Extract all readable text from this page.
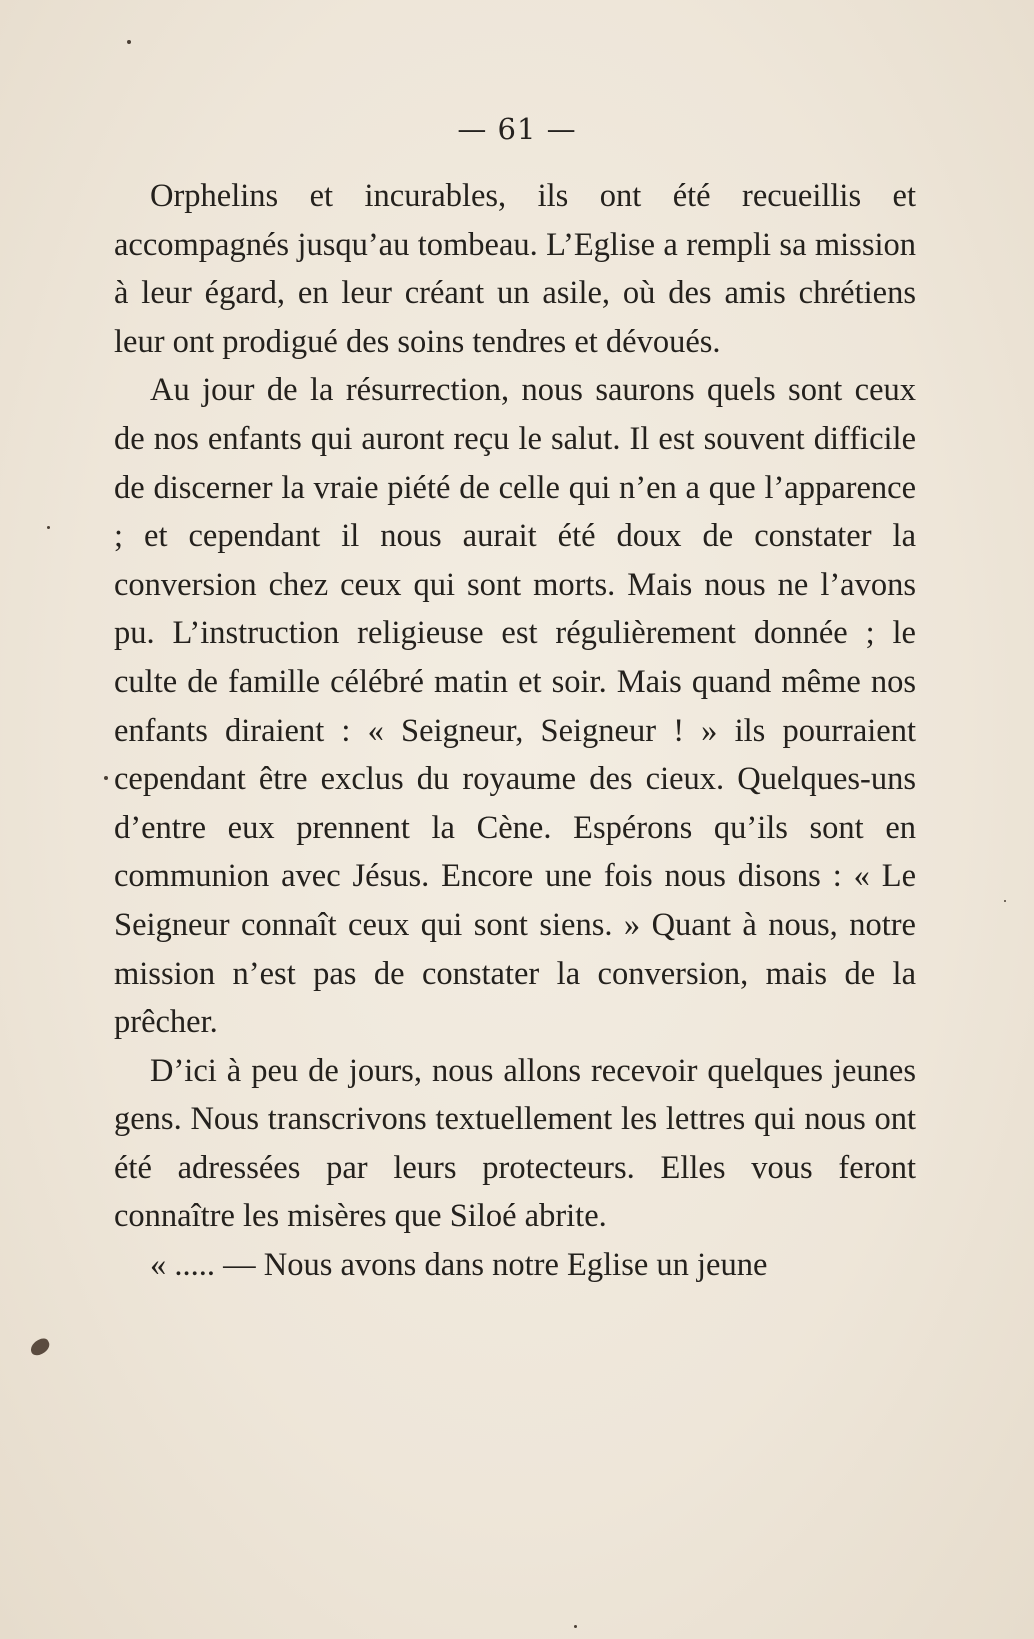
— 61 —

Orphelins et incurables, ils ont été recueillis et accompagnés jusqu’au tombeau. L’Eglise a rempli sa mission à leur égard, en leur créant un asile, où des amis chrétiens leur ont prodigué des soins tendres et dévoués.

Au jour de la résurrection, nous saurons quels sont ceux de nos enfants qui auront reçu le salut. Il est souvent difficile de discerner la vraie piété de celle qui n’en a que l’apparence ; et cependant il nous aurait été doux de constater la conversion chez ceux qui sont morts. Mais nous ne l’avons pu. L’instruction religieuse est régulièrement donnée ; le culte de famille célébré matin et soir. Mais quand même nos enfants diraient : « Seigneur, Seigneur ! » ils pourraient cependant être exclus du royaume des cieux. Quelques-uns d’entre eux prennent la Cène. Espérons qu’ils sont en communion avec Jésus. Encore une fois nous disons : « Le Seigneur connaît ceux qui sont siens. » Quant à nous, notre mission n’est pas de constater la conversion, mais de la prêcher.

D’ici à peu de jours, nous allons recevoir quelques jeunes gens. Nous transcrivons textuellement les lettres qui nous ont été adressées par leurs protecteurs. Elles vous feront connaître les misères que Siloé abrite.

« ..... — Nous avons dans notre Eglise un jeune
